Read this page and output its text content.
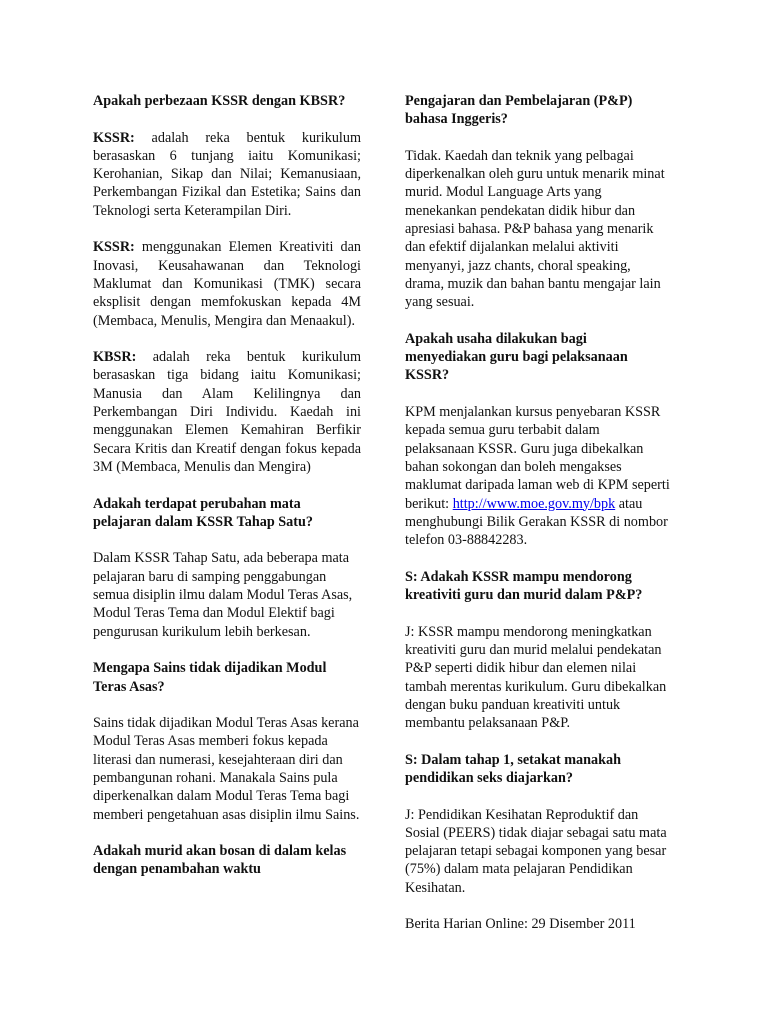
Apakah perbezaan KSSR dengan KBSR?

KSSR: adalah reka bentuk kurikulum berasaskan 6 tunjang iaitu Komunikasi; Kerohanian, Sikap dan Nilai; Kemanusiaan, Perkembangan Fizikal dan Estetika; Sains dan Teknologi serta Keterampilan Diri.

KSSR: menggunakan Elemen Kreativiti dan Inovasi, Keusahawanan dan Teknologi Maklumat dan Komunikasi (TMK) secara eksplisit dengan memfokuskan kepada 4M (Membaca, Menulis, Mengira dan Menaakul).

KBSR: adalah reka bentuk kurikulum berasaskan tiga bidang iaitu Komunikasi; Manusia dan Alam Kelilingnya dan Perkembangan Diri Individu. Kaedah ini menggunakan Elemen Kemahiran Berfikir Secara Kritis dan Kreatif dengan fokus kepada 3M (Membaca, Menulis dan Mengira)

Adakah terdapat perubahan mata pelajaran dalam KSSR Tahap Satu?

Dalam KSSR Tahap Satu, ada beberapa mata pelajaran baru di samping penggabungan semua disiplin ilmu dalam Modul Teras Asas, Modul Teras Tema dan Modul Elektif bagi pengurusan kurikulum lebih berkesan.

Mengapa Sains tidak dijadikan Modul Teras Asas?

Sains tidak dijadikan Modul Teras Asas kerana Modul Teras Asas memberi fokus kepada literasi dan numerasi, kesejahteraan diri dan pembangunan rohani. Manakala Sains pula diperkenalkan dalam Modul Teras Tema bagi memberi pengetahuan asas disiplin ilmu Sains.

Adakah murid akan bosan di dalam kelas dengan penambahan waktu
Pengajaran dan Pembelajaran (P&P) bahasa Inggeris?

Tidak. Kaedah dan teknik yang pelbagai diperkenalkan oleh guru untuk menarik minat murid. Modul Language Arts yang menekankan pendekatan didik hibur dan apresiasi bahasa. P&P bahasa yang menarik dan efektif dijalankan melalui aktiviti menyanyi, jazz chants, choral speaking, drama, muzik dan bahan bantu mengajar lain yang sesuai.

Apakah usaha dilakukan bagi menyediakan guru bagi pelaksanaan KSSR?

KPM menjalankan kursus penyebaran KSSR kepada semua guru terbabit dalam pelaksanaan KSSR. Guru juga dibekalkan bahan sokongan dan boleh mengakses maklumat daripada laman web di KPM seperti berikut: http://www.moe.gov.my/bpk atau menghubungi Bilik Gerakan KSSR di nombor telefon 03-88842283.

S: Adakah KSSR mampu mendorong kreativiti guru dan murid dalam P&P?

J: KSSR mampu mendorong meningkatkan kreativiti guru dan murid melalui pendekatan P&P seperti didik hibur dan elemen nilai tambah merentas kurikulum. Guru dibekalkan dengan buku panduan kreativiti untuk membantu pelaksanaan P&P.

S: Dalam tahap 1, setakat manakah pendidikan seks diajarkan?

J: Pendidikan Kesihatan Reproduktif dan Sosial (PEERS) tidak diajar sebagai satu mata pelajaran tetapi sebagai komponen yang besar (75%) dalam mata pelajaran Pendidikan Kesihatan.

Berita Harian Online: 29 Disember 2011
